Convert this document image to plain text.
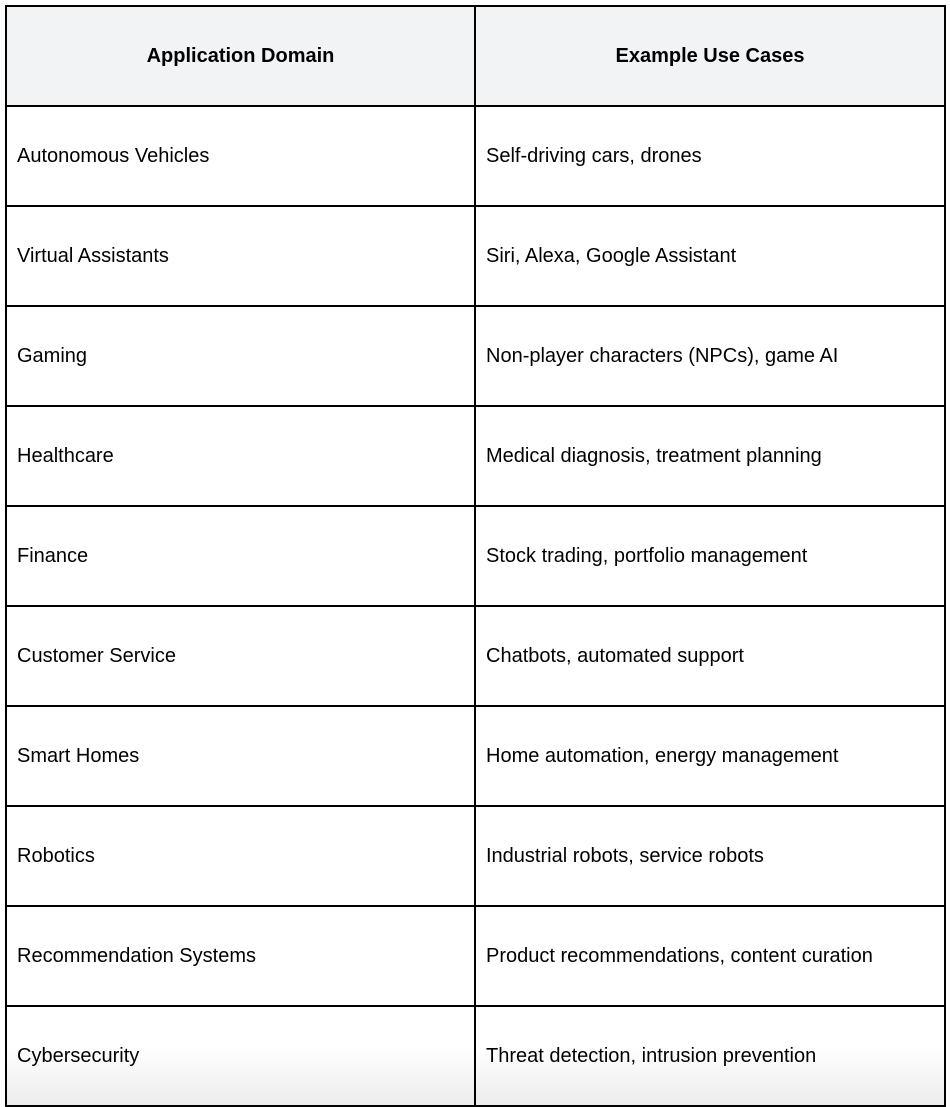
Application Domain	Example Use Cases
Autonomous Vehicles	Self-driving cars, drones
Virtual Assistants	Siri, Alexa, Google Assistant
Gaming	Non-player characters (NPCs), game AI
Healthcare	Medical diagnosis, treatment planning
Finance	Stock trading, portfolio management
Customer Service	Chatbots, automated support
Smart Homes	Home automation, energy management
Robotics	Industrial robots, service robots
Recommendation Systems	Product recommendations, content curation
Cybersecurity	Threat detection, intrusion prevention
